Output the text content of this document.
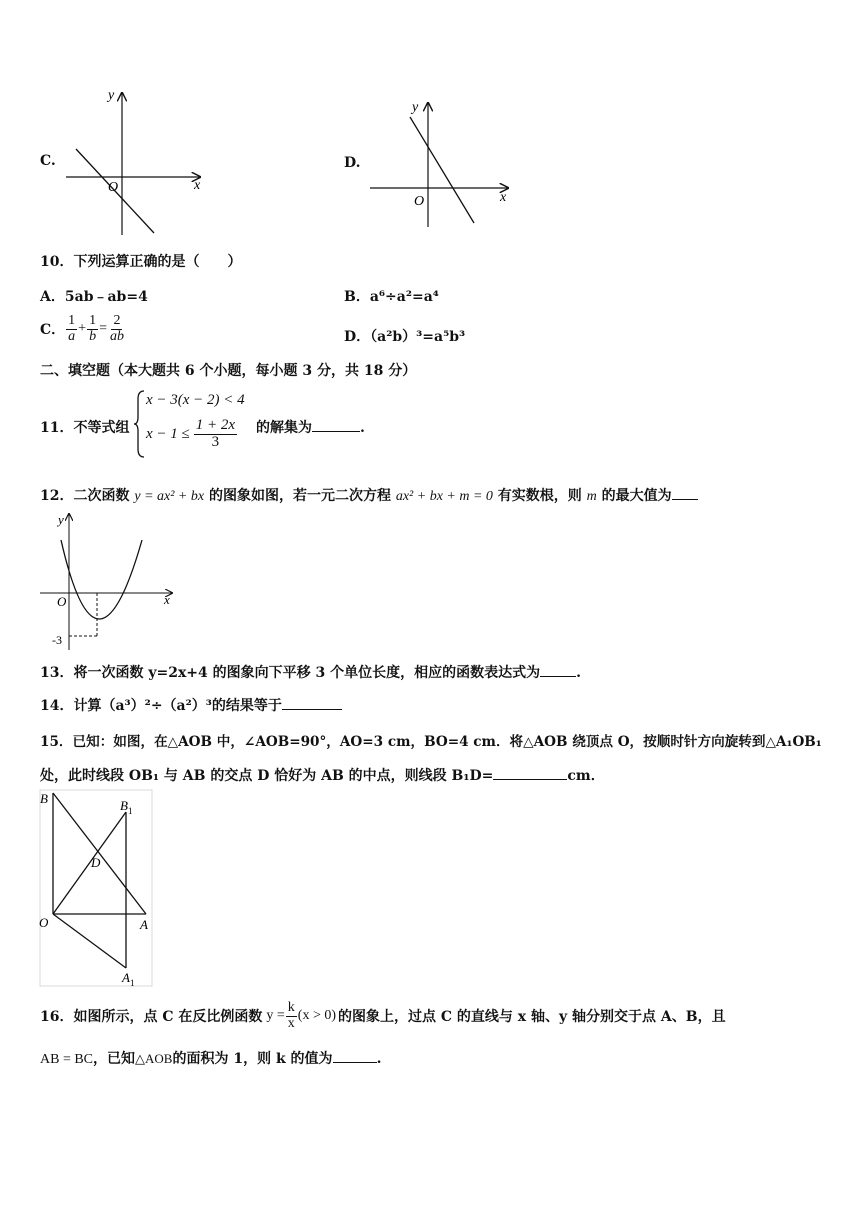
C.
y
x
O
D.
y
x
O
10．下列运算正确的是（　　）
A．5ab﹣ab=4	B．a⁶÷a²=a⁴
C． $\frac{1}{a} + \frac{1}{b} = \frac{2}{ab}$	D．（a²b）³=a⁵b³
二、填空题（本大题共 6 个小题，每小题 3 分，共 18 分）
11．不等式组
x − 3(x − 2) < 4
$x - 1 \le \frac{1 + 2x}{3}$ 的解集为	.
12．二次函数 y = ax² + bx 的图象如图，若一元二次方程 ax² + bx + m = 0 有实数根，则 m 的最大值为
y
x
O
-3
13．将一次函数 y=2x+4 的图象向下平移 3 个单位长度，相应的函数表达式为	.
14．计算（a³）²÷（a²）³的结果等于
15．已知：如图，在△AOB 中，∠AOB=90°，AO=3 cm，BO=4 cm．将△AOB 绕顶点 O，按顺时针方向旋转到△A₁OB₁
处，此时线段 OB₁ 与 AB 的交点 D 恰好为 AB 的中点，则线段 B₁D=	cm．
B	$B_1$
D
O	A
$A_1$
16． 如图所示，点 C 在反比例函数 $y = \frac{k}{x} (x > 0)$ 的图象上，过点 C 的直线与 x 轴、y 轴分别交于点 A、B，且
AB = BC，已知△AOB的面积为 1，则 k 的值为	.
